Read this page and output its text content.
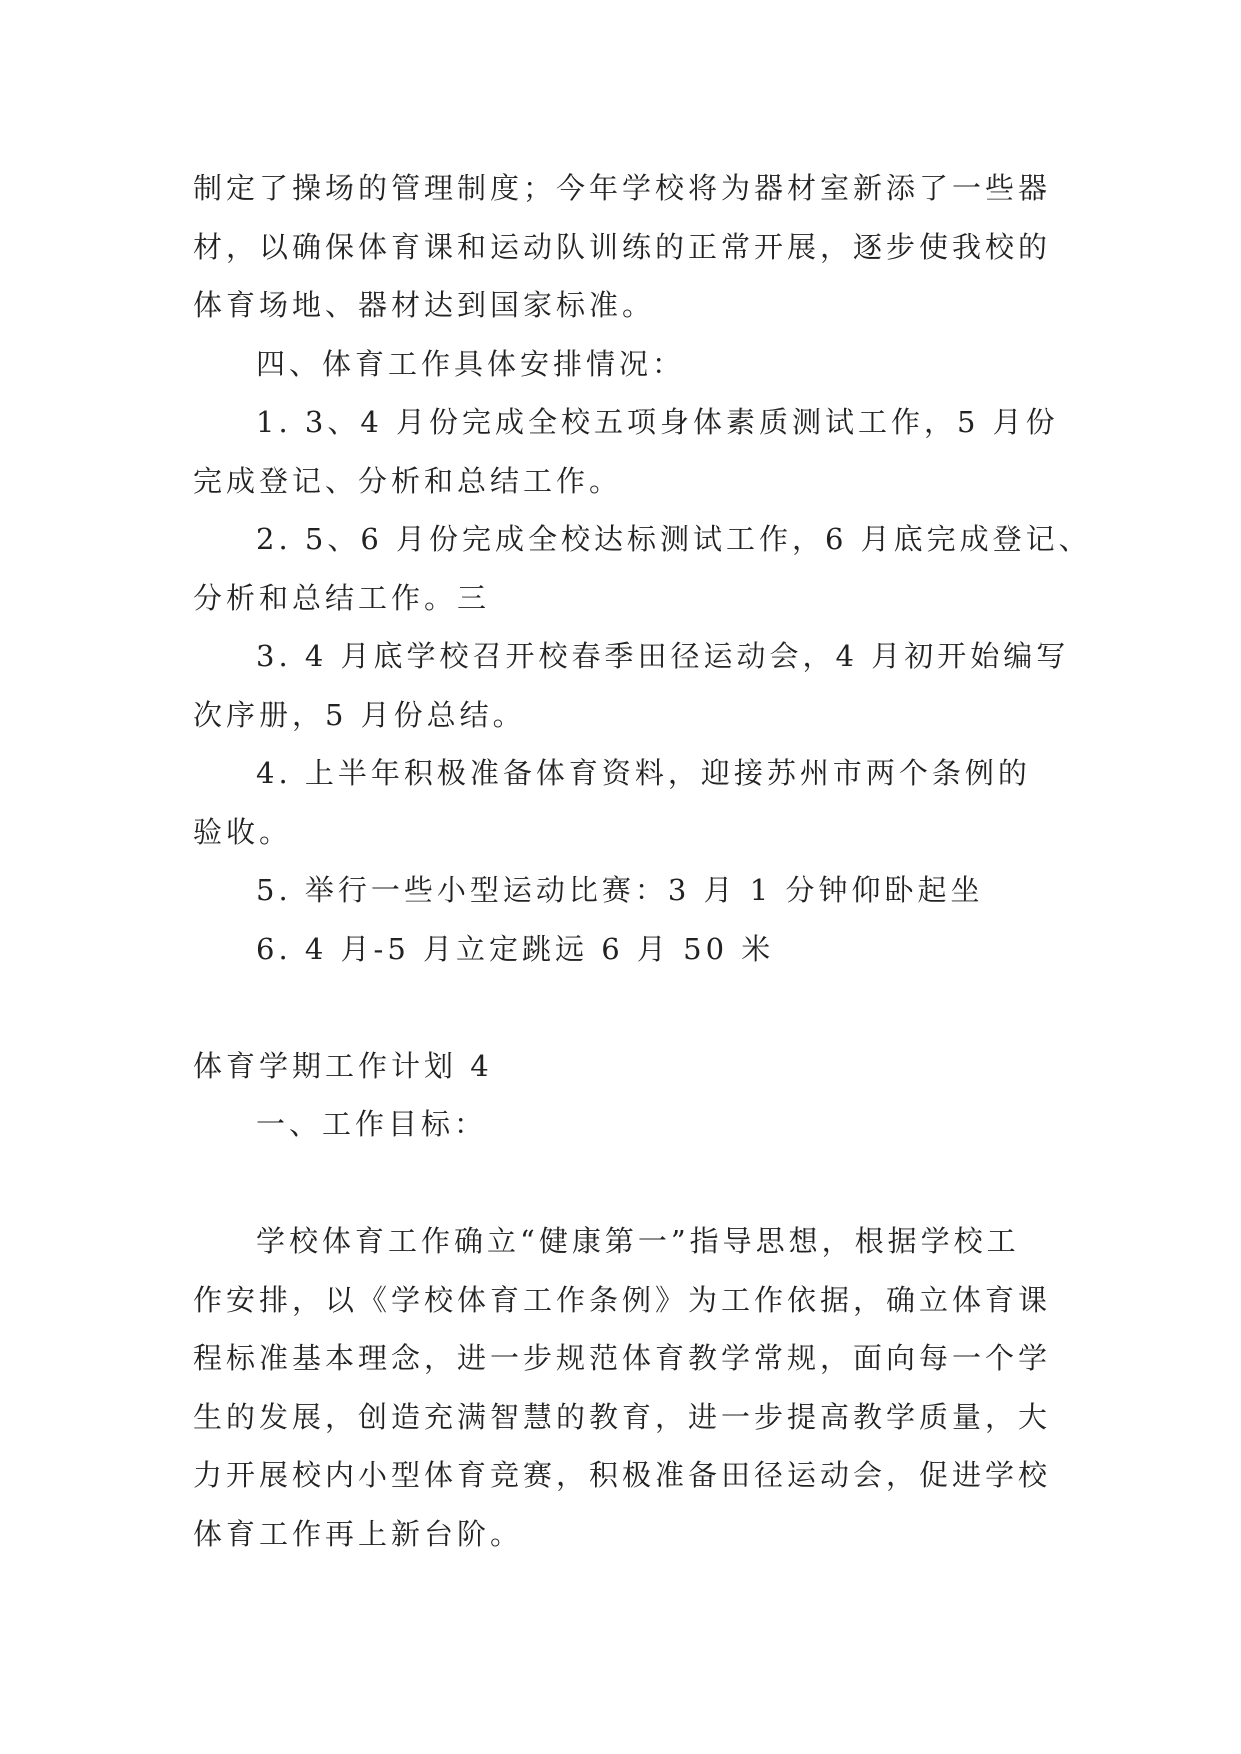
制定了操场的管理制度；今年学校将为器材室新添了一些器
材，以确保体育课和运动队训练的正常开展，逐步使我校的
体育场地、器材达到国家标准。
四、体育工作具体安排情况：
1. 3、4 月份完成全校五项身体素质测试工作，5 月份
完成登记、分析和总结工作。
2. 5、6 月份完成全校达标测试工作，6 月底完成登记、
分析和总结工作。三
3. 4 月底学校召开校春季田径运动会，4 月初开始编写
次序册，5 月份总结。
4. 上半年积极准备体育资料，迎接苏州市两个条例的
验收。
5. 举行一些小型运动比赛：3 月 1 分钟仰卧起坐
6. 4 月-5 月立定跳远 6 月 50 米
体育学期工作计划 4
一、工作目标：
学校体育工作确立“健康第一”指导思想，根据学校工
作安排，以《学校体育工作条例》为工作依据，确立体育课
程标准基本理念，进一步规范体育教学常规，面向每一个学
生的发展，创造充满智慧的教育，进一步提高教学质量，大
力开展校内小型体育竞赛，积极准备田径运动会，促进学校
体育工作再上新台阶。
